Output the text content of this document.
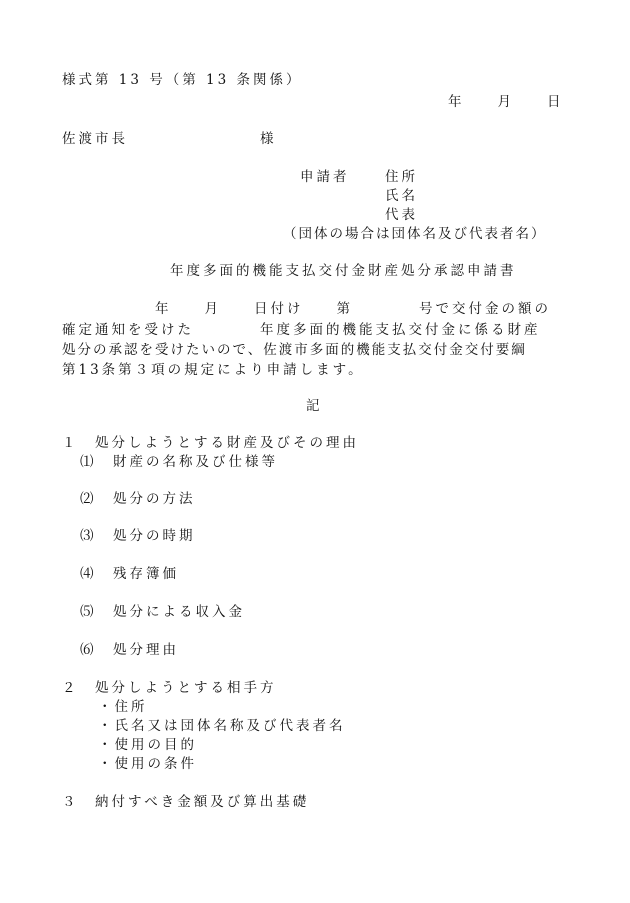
様式第 13 号（第 13 条関係）
年　　月　　日
佐渡市長　　　　　　　　様
申請者	住所
氏名
代表
（団体の場合は団体名及び代表者名）
年度多面的機能支払交付金財産処分承認申請書
年　　月　　日付け　　第　　　　号で交付金の額の
確定通知を受けた　　　　年度多面的機能支払交付金に係る財産
処分の承認を受けたいので、佐渡市多面的機能支払交付金交付要綱
第13条第３項の規定により申請します。
記
１　処分しようとする財産及びその理由
⑴　財産の名称及び仕様等
⑵　処分の方法
⑶　処分の時期
⑷　残存簿価
⑸　処分による収入金
⑹　処分理由
２　処分しようとする相手方
・住所
・氏名又は団体名称及び代表者名
・使用の目的
・使用の条件
３　納付すべき金額及び算出基礎
